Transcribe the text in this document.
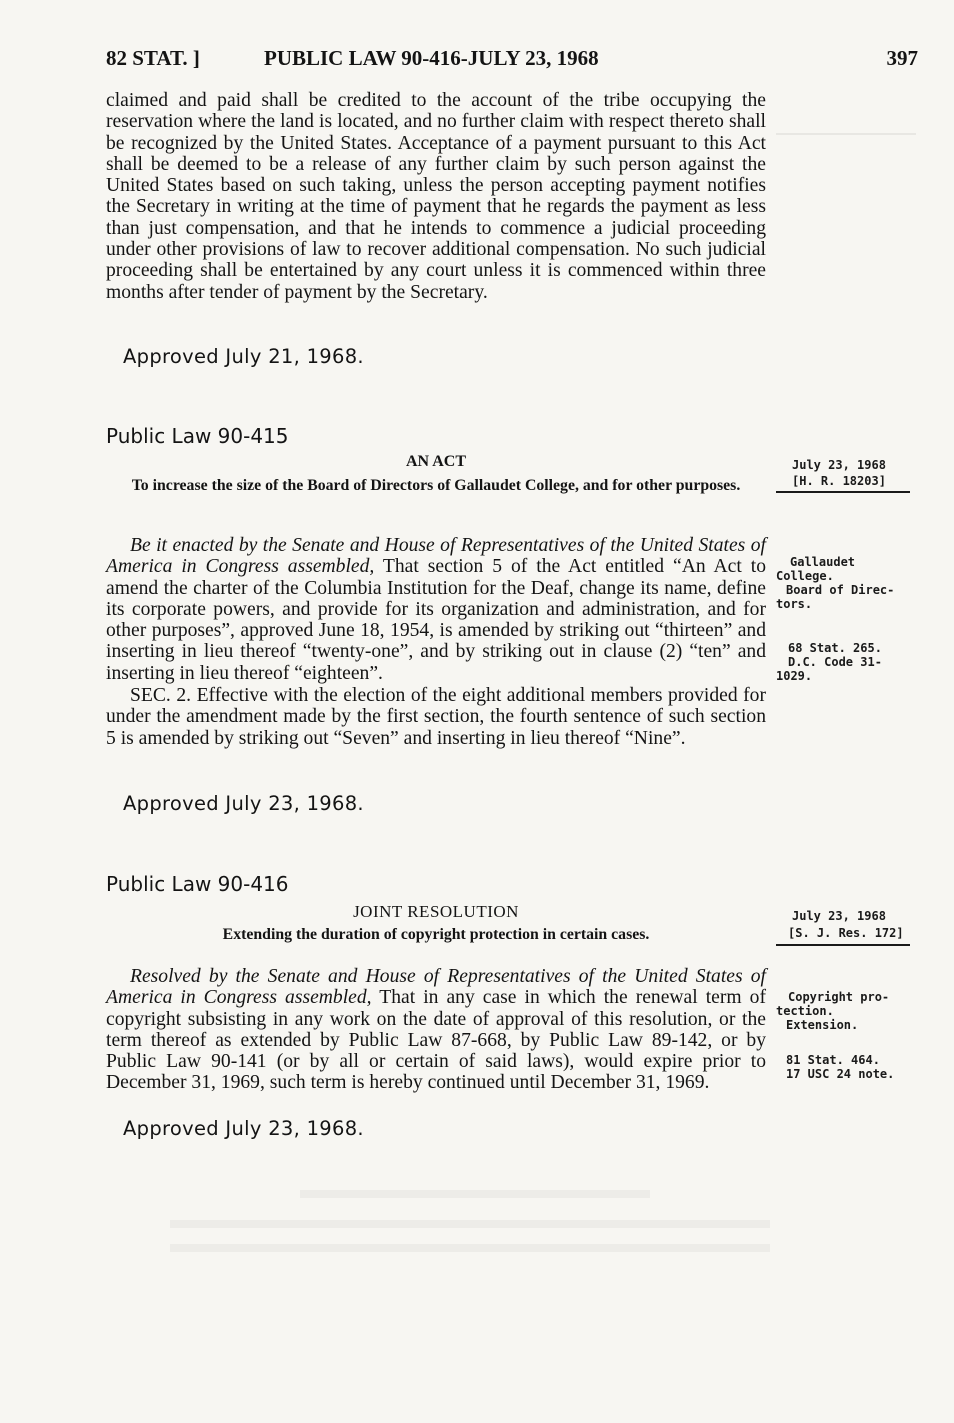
82 STAT. ]	PUBLIC LAW 90-416-JULY 23, 1968	397

claimed and paid shall be credited to the account of the tribe occupying the reservation where the land is located, and no further claim with respect thereto shall be recognized by the United States. Acceptance of a payment pursuant to this Act shall be deemed to be a release of any further claim by such person against the United States based on such taking, unless the person accepting payment notifies the Secretary in writing at the time of payment that he regards the payment as less than just compensation, and that he intends to commence a judicial proceeding under other provisions of law to recover additional compensation. No such judicial proceeding shall be entertained by any court unless it is commenced within three months after tender of payment by the Secretary.

Approved July 21, 1968.
Public Law 90-415
AN ACT
To increase the size of the Board of Directors of Gallaudet College, and for other purposes.
July 23, 1968
[H. R. 18203]

Be it enacted by the Senate and House of Representatives of the United States of America in Congress assembled, That section 5 of the Act entitled “An Act to amend the charter of the Columbia Institution for the Deaf, change its name, define its corporate powers, and provide for its organization and administration, and for other purposes”, approved June 18, 1954, is amended by striking out “thirteen” and inserting in lieu thereof “twenty-one”, and by striking out in clause (2) “ten” and inserting in lieu thereof “eighteen”.

SEC. 2. Effective with the election of the eight additional members provided for under the amendment made by the first section, the fourth sentence of such section 5 is amended by striking out “Seven” and inserting in lieu thereof “Nine”.

Gallaudet
College.
Board of Direc-
tors.
68 Stat. 265.
D.C. Code 31-
1029.
Approved July 23, 1968.
Public Law 90-416
JOINT RESOLUTION
Extending the duration of copyright protection in certain cases.
July 23, 1968
[S. J. Res. 172]

Resolved by the Senate and House of Representatives of the United States of America in Congress assembled, That in any case in which the renewal term of copyright subsisting in any work on the date of approval of this resolution, or the term thereof as extended by Public Law 87-668, by Public Law 89-142, or by Public Law 90-141 (or by all or certain of said laws), would expire prior to December 31, 1969, such term is hereby continued until December 31, 1969.

Copyright pro-
tection.
Extension.
81 Stat. 464.
17 USC 24 note.
Approved July 23, 1968.
